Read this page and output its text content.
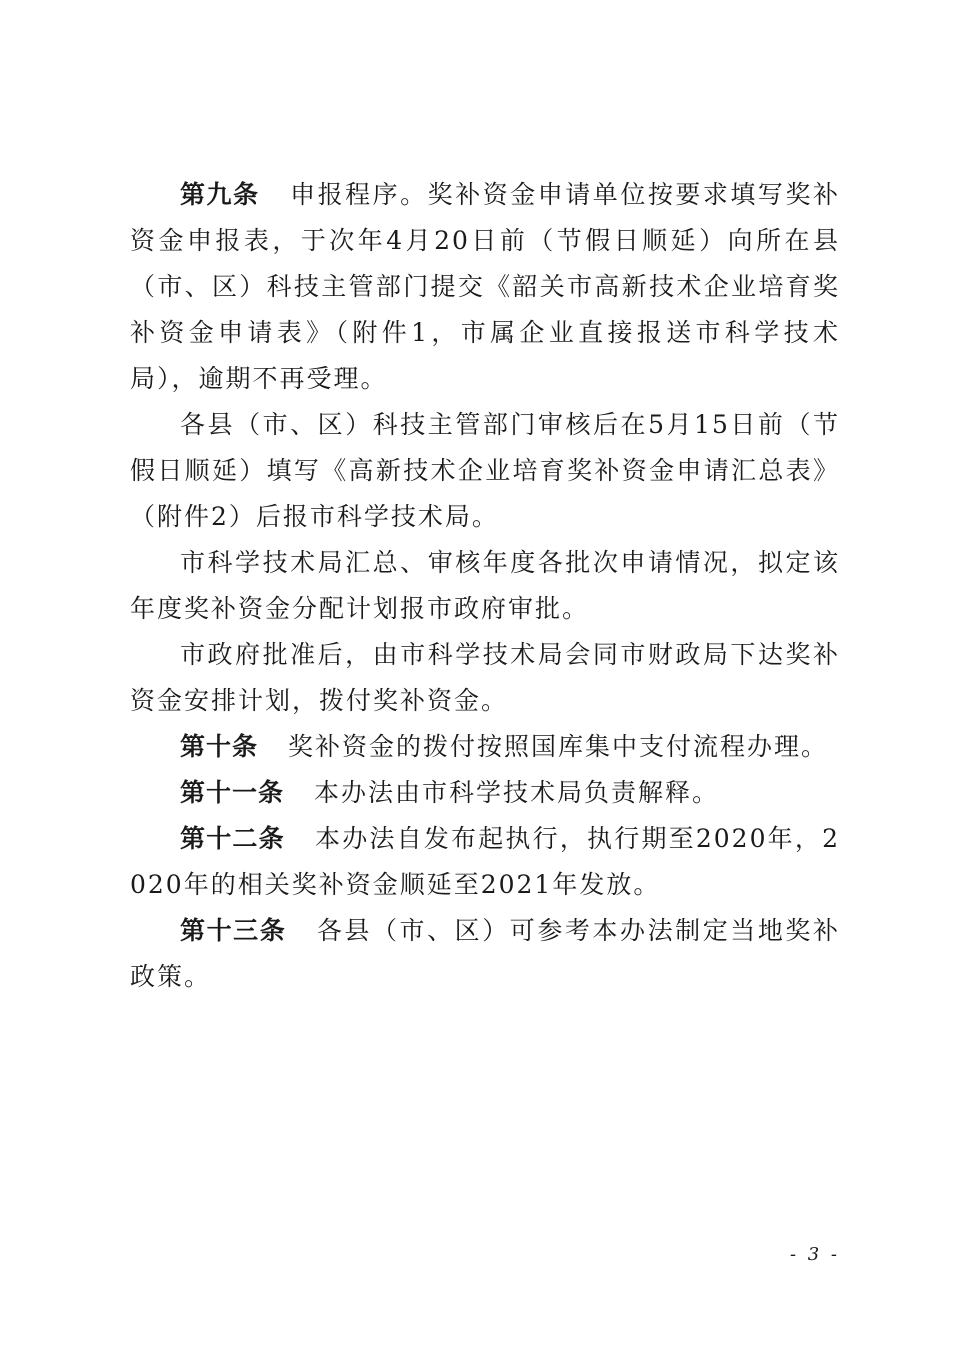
第九条 申报程序。奖补资金申请单位按要求填写奖补资金申报表，于次年4月20日前（节假日顺延）向所在县（市、区）科技主管部门提交《韶关市高新技术企业培育奖补资金申请表》（附件1，市属企业直接报送市科学技术局），逾期不再受理。

各县（市、区）科技主管部门审核后在5月15日前（节假日顺延）填写《高新技术企业培育奖补资金申请汇总表》（附件2）后报市科学技术局。

市科学技术局汇总、审核年度各批次申请情况，拟定该年度奖补资金分配计划报市政府审批。

市政府批准后，由市科学技术局会同市财政局下达奖补资金安排计划，拨付奖补资金。

第十条 奖补资金的拨付按照国库集中支付流程办理。

第十一条 本办法由市科学技术局负责解释。

第十二条 本办法自发布起执行，执行期至2020年，2020年的相关奖补资金顺延至2021年发放。

第十三条 各县（市、区）可参考本办法制定当地奖补政策。

- 3 -
